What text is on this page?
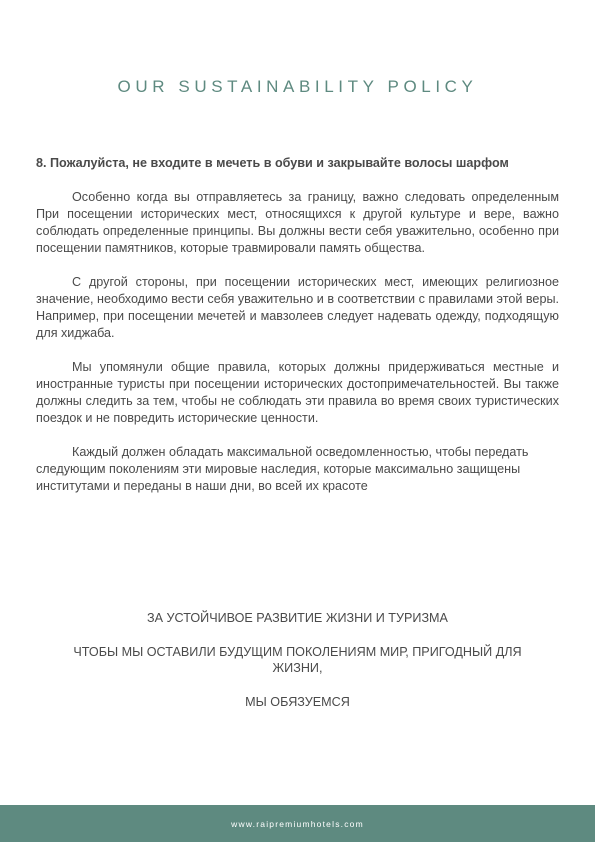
OUR SUSTAINABILITY POLICY

8. Пожалуйста, не входите в мечеть в обуви и закрывайте волосы шарфом

Особенно когда вы отправляетесь за границу, важно следовать определенным При посещении исторических мест, относящихся к другой культуре и вере, важно соблюдать определенные принципы. Вы должны вести себя уважительно, особенно при посещении памятников, которые травмировали память общества.

С другой стороны, при посещении исторических мест, имеющих религиозное значение, необходимо вести себя уважительно и в соответствии с правилами этой веры. Например, при посещении мечетей и мавзолеев следует надевать одежду, подходящую для хиджаба.

Мы упомянули общие правила, которых должны придерживаться местные и иностранные туристы при посещении исторических достопримечательностей. Вы также должны следить за тем, чтобы не соблюдать эти правила во время своих туристических поездок и не повредить исторические ценности.

Каждый должен обладать максимальной осведомленностью, чтобы передать следующим поколениям эти мировые наследия, которые максимально защищены институтами и переданы в наши дни, во всей их красоте

ЗА УСТОЙЧИВОЕ РАЗВИТИЕ ЖИЗНИ И ТУРИЗМА

ЧТОБЫ МЫ ОСТАВИЛИ БУДУЩИМ ПОКОЛЕНИЯМ МИР, ПРИГОДНЫЙ ДЛЯ ЖИЗНИ,

МЫ ОБЯЗУЕМСЯ

www.raipremiumhotels.com
